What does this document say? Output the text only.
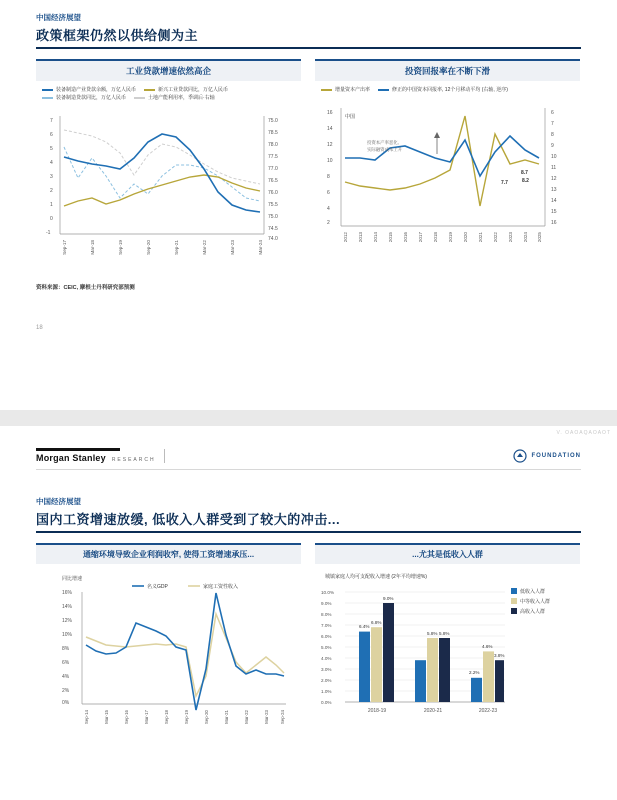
中国经济展望
政策框架仍然以供给侧为主
工业贷款增速依然高企
装备制造产业贷款余额，万亿人民币	新兴工业贷款同比，万亿人民币
装备制造贷款同比，万亿人民币	土地产能利用率，季调后·右轴
7
6
5
4
3
2
1
0
-1
75.0
78.5
78.0
77.5
77.0
76.5
76.0
75.5
75.0
74.5
74.0
Sep-17	Mar-18	Sep-19	Sep-20	Sep-21	Mar-22	Mar-23	Mar-24
投资回报率在不断下滑
增量资本产出率	修正的中国资本回报率, 12个月移动平均 (右轴, 逆序)
16
14
12
10
8
6
4
2
6
7
8
9
10
11
12
13
14
15
16
投资本产率恶化,
实际融资成本上升
7.7
8.7
8.2
2012 2013 2014 2015 2016 2017 2018 2019 2020 2021 2022 2023 2024 2025
中国
资料来源：CEIC, 摩根士丹利研究部预测
18
V. OAOAQAOAOT
Morgan Stanley RESEARCH
FOUNDATION
中国经济展望
国内工资增速放缓, 低收入人群受到了较大的冲击...
通缩环境导致企业利润收窄, 使得工资增速承压...
同比增速
16%
14%
12%
10%
8%
6%
4%
2%
0%
名义GDP	家庭工资性收入
Sep-14	Mar-15	Sep-16	Mar-17	Sep-18	Sep-19	Sep-20	Mar-21	Mar-22	Mar-23	Sep-24
...尤其是低收入人群
城镇家庭人均可支配收入增速 (2年平均增速%)
10.0%
9.0%
8.0%
7.0%
6.0%
5.0%
4.0%
3.0%
2.0%
1.0%
0.0%
低收入人群
中等收入人群
高收入人群
6.4%
6.8%
9.0%
5.8% 5.8%
2.2%
4.6%
3.8%
2018-19	2020-21	2022-23
